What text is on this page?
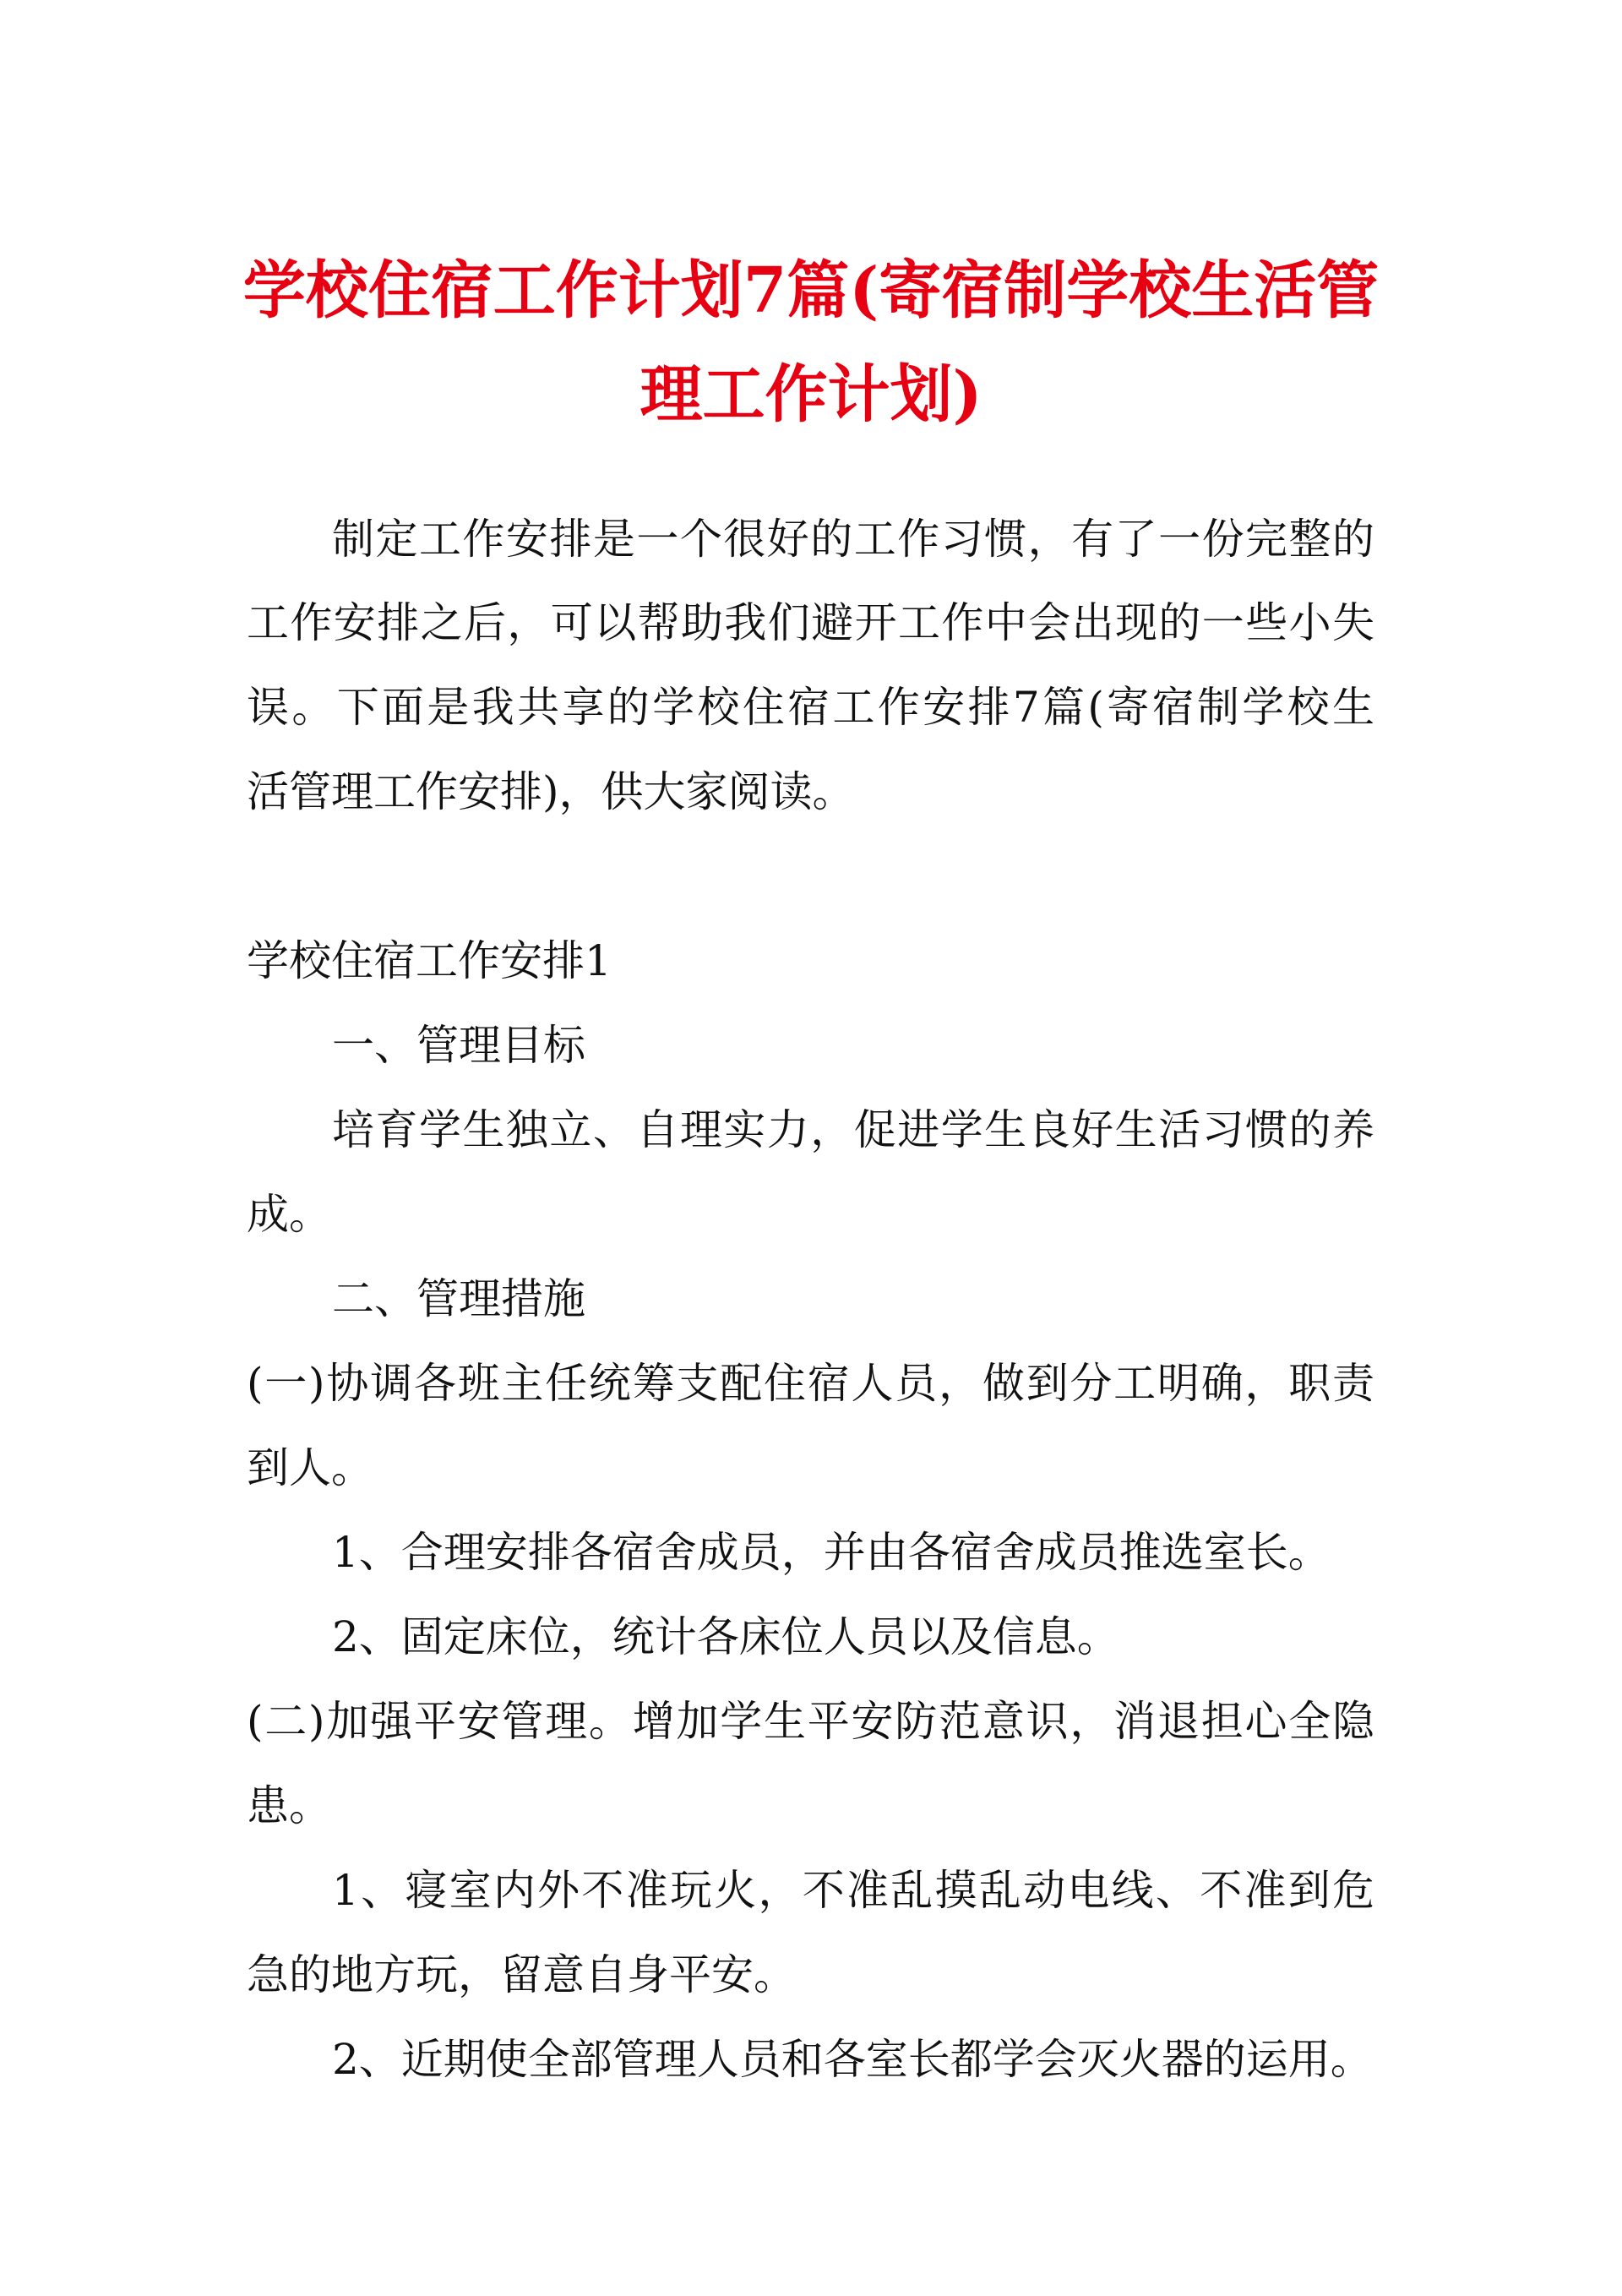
学校住宿工作计划7篇(寄宿制学校生活管
理工作计划)
制定工作安排是一个很好的工作习惯，有了一份完整的
工作安排之后，可以帮助我们避开工作中会出现的一些小失
误。下面是我共享的学校住宿工作安排7篇(寄宿制学校生
活管理工作安排)，供大家阅读。
学校住宿工作安排1
一、管理目标
培育学生独立、自理实力，促进学生良好生活习惯的养
成。
二、管理措施
(一)协调各班主任统筹支配住宿人员，做到分工明确，职责
到人。
1、合理安排各宿舍成员，并由各宿舍成员推选室长。
2、固定床位，统计各床位人员以及信息。
(二)加强平安管理。增加学生平安防范意识，消退担心全隐
患。
1、寝室内外不准玩火，不准乱摸乱动电线、不准到危
急的地方玩，留意自身平安。
2、近期使全部管理人员和各室长都学会灭火器的运用。
